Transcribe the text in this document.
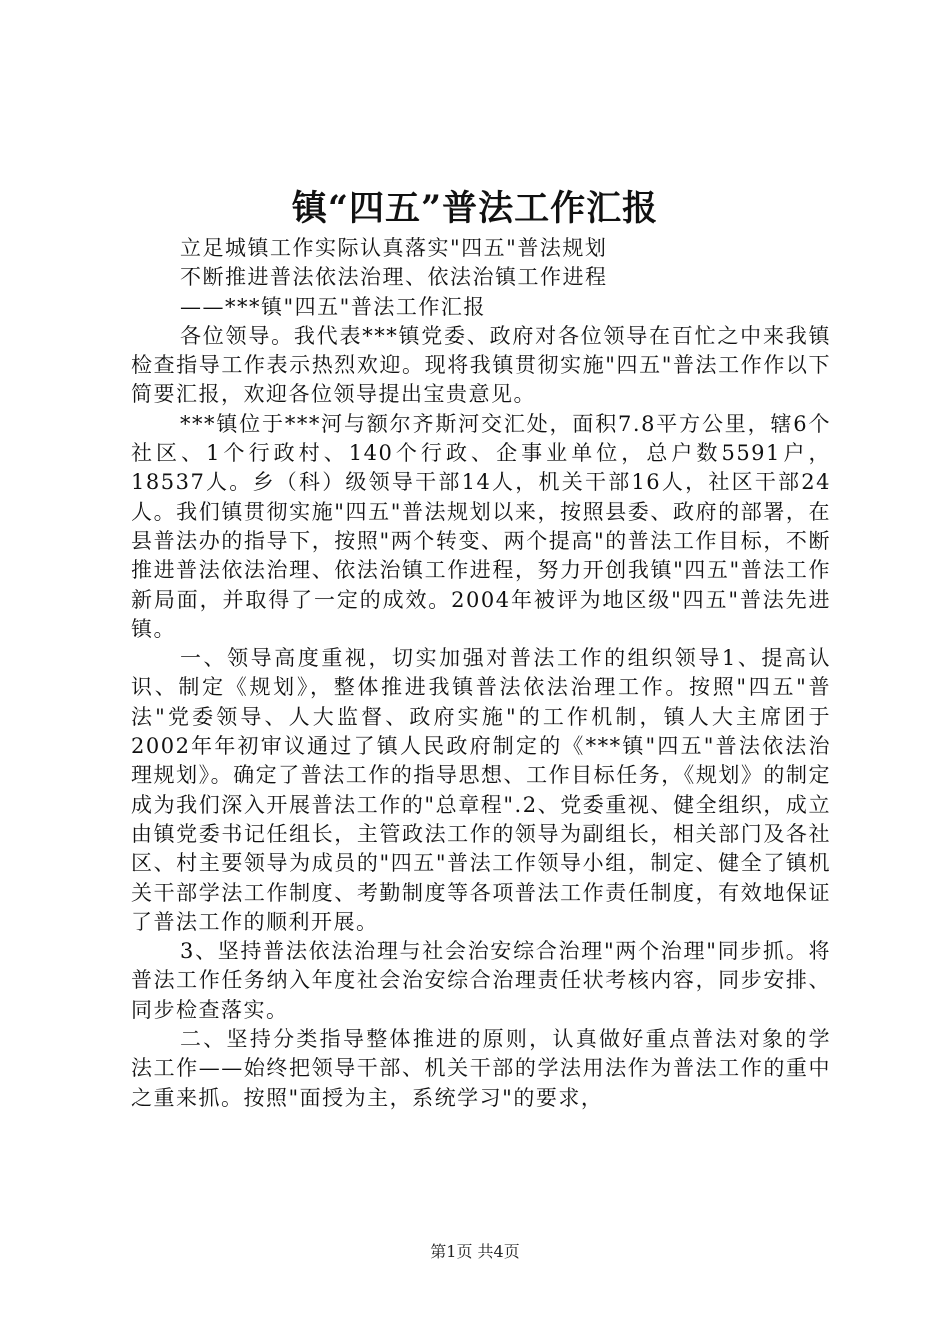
镇“四五”普法工作汇报

立足城镇工作实际认真落实"四五"普法规划

不断推进普法依法治理、依法治镇工作进程

——***镇"四五"普法工作汇报

各位领导。我代表***镇党委、政府对各位领导在百忙之中来我镇检查指导工作表示热烈欢迎。现将我镇贯彻实施"四五"普法工作作以下简要汇报，欢迎各位领导提出宝贵意见。

***镇位于***河与额尔齐斯河交汇处，面积7.8平方公里，辖6个社区、1个行政村、140个行政、企事业单位，总户数5591户，18537人。乡（科）级领导干部14人，机关干部16人，社区干部24人。我们镇贯彻实施"四五"普法规划以来，按照县委、政府的部署，在县普法办的指导下，按照"两个转变、两个提高"的普法工作目标，不断推进普法依法治理、依法治镇工作进程，努力开创我镇"四五"普法工作新局面，并取得了一定的成效。2004年被评为地区级"四五"普法先进镇。

一、领导高度重视，切实加强对普法工作的组织领导1、提高认识、制定《规划》，整体推进我镇普法依法治理工作。按照"四五"普法"党委领导、人大监督、政府实施"的工作机制，镇人大主席团于2002年年初审议通过了镇人民政府制定的《***镇"四五"普法依法治理规划》。确定了普法工作的指导思想、工作目标任务，《规划》的制定成为我们深入开展普法工作的"总章程".2、党委重视、健全组织，成立由镇党委书记任组长，主管政法工作的领导为副组长，相关部门及各社区、村主要领导为成员的"四五"普法工作领导小组，制定、健全了镇机关干部学法工作制度、考勤制度等各项普法工作责任制度，有效地保证了普法工作的顺利开展。

3、坚持普法依法治理与社会治安综合治理"两个治理"同步抓。将普法工作任务纳入年度社会治安综合治理责任状考核内容，同步安排、同步检查落实。

二、坚持分类指导整体推进的原则，认真做好重点普法对象的学法工作——始终把领导干部、机关干部的学法用法作为普法工作的重中之重来抓。按照"面授为主，系统学习"的要求，

第1页 共4页
